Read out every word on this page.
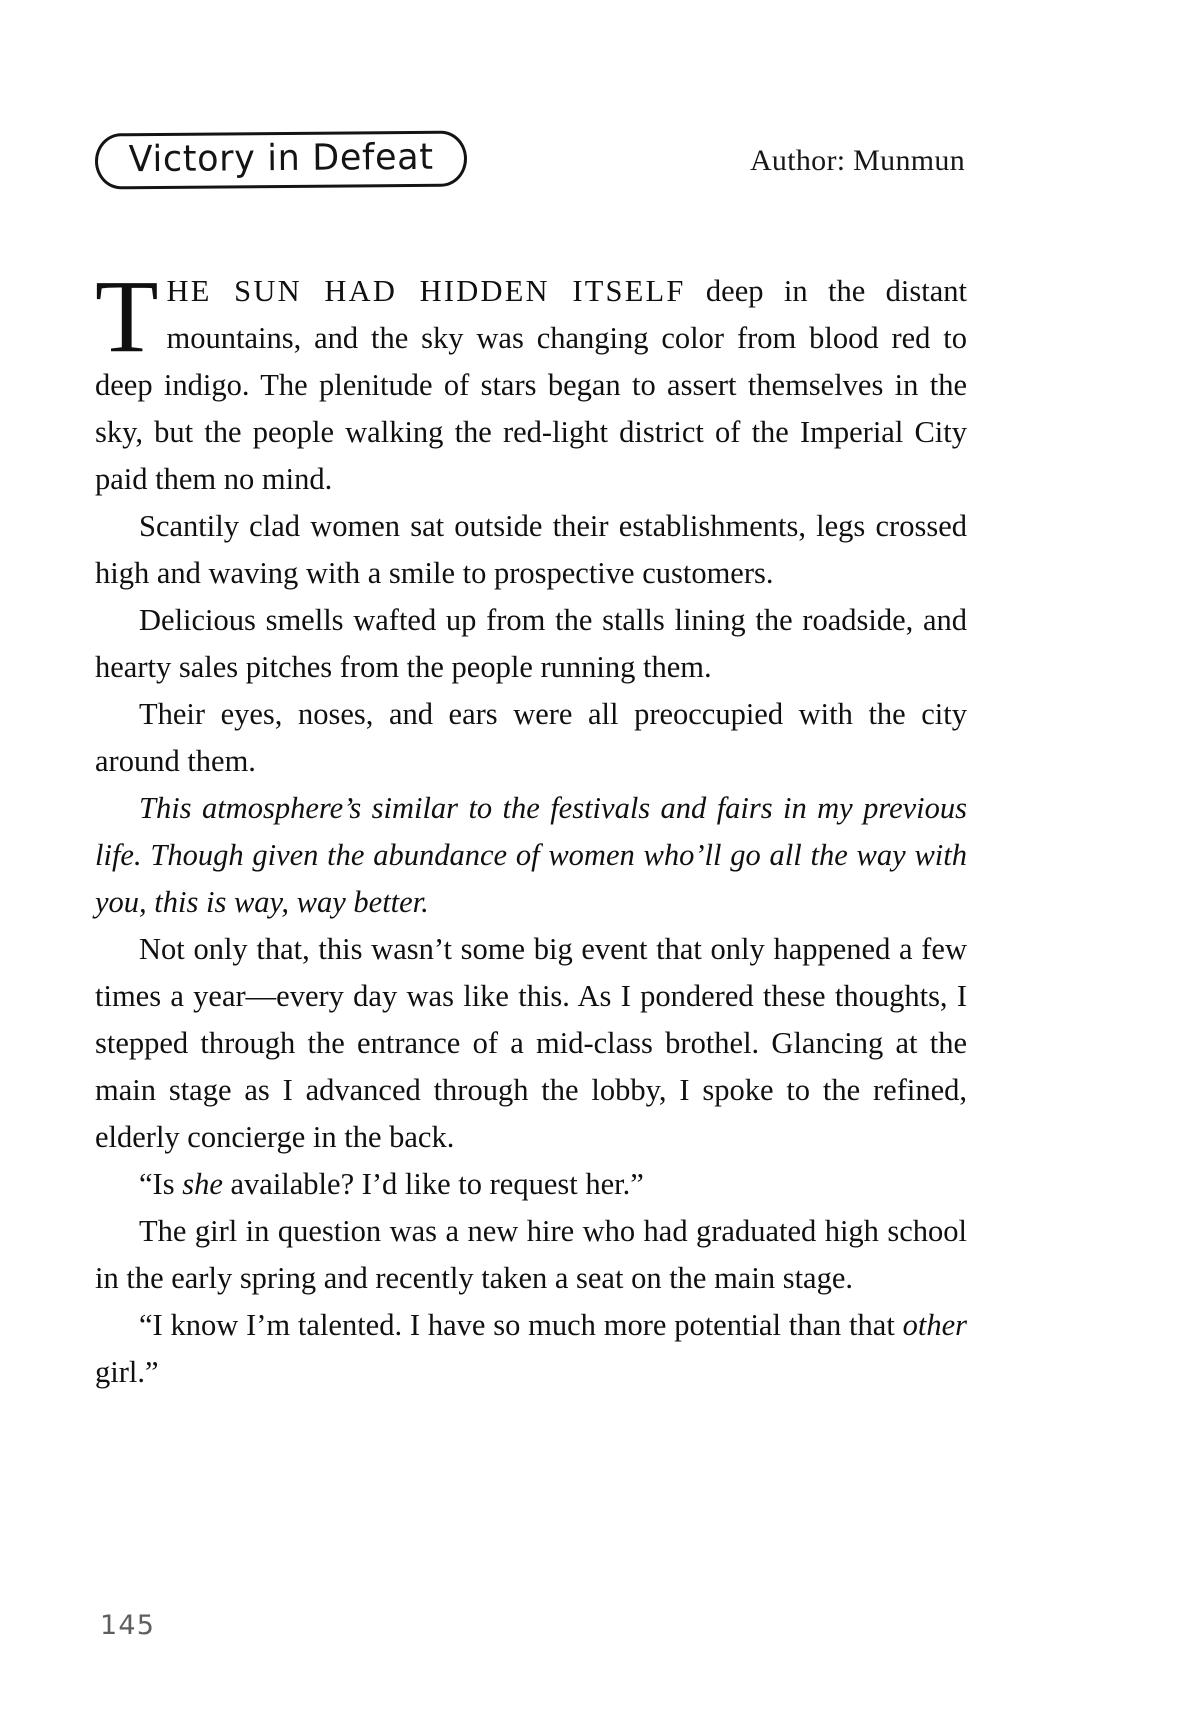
Victory in Defeat	Author: Munmun

THE SUN HAD HIDDEN ITSELF deep in the distant mountains, and the sky was changing color from blood red to deep indigo. The plenitude of stars began to assert themselves in the sky, but the people walking the red-light district of the Imperial City paid them no mind.

Scantily clad women sat outside their establishments, legs crossed high and waving with a smile to prospective customers.

Delicious smells wafted up from the stalls lining the roadside, and hearty sales pitches from the people running them.

Their eyes, noses, and ears were all preoccupied with the city around them.

This atmosphere’s similar to the festivals and fairs in my previous life. Though given the abundance of women who’ll go all the way with you, this is way, way better.

Not only that, this wasn’t some big event that only happened a few times a year—every day was like this. As I pondered these thoughts, I stepped through the entrance of a mid-class brothel. Glancing at the main stage as I advanced through the lobby, I spoke to the refined, elderly concierge in the back.

“Is she available? I’d like to request her.”

The girl in question was a new hire who had graduated high school in the early spring and recently taken a seat on the main stage.

“I know I’m talented. I have so much more potential than that other girl.”

145
